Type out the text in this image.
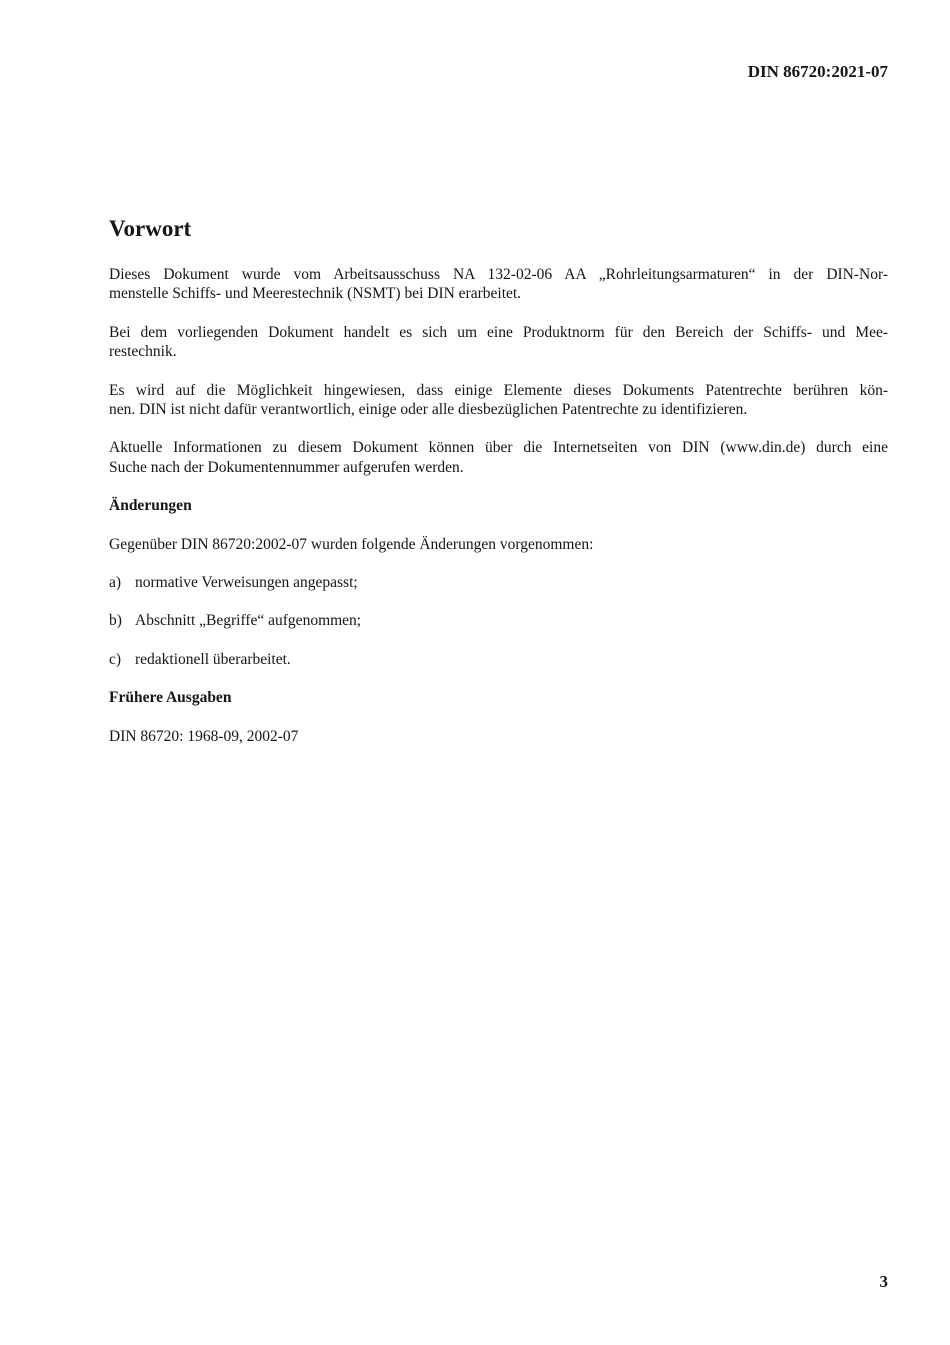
DIN 86720:2021-07
Vorwort

Dieses Dokument wurde vom Arbeitsausschuss NA 132-02-06 AA „Rohrleitungsarmaturen“ in der DIN-Nor-
menstelle Schiffs- und Meerestechnik (NSMT) bei DIN erarbeitet.

Bei dem vorliegenden Dokument handelt es sich um eine Produktnorm für den Bereich der Schiffs- und Mee-
restechnik.

Es wird auf die Möglichkeit hingewiesen, dass einige Elemente dieses Dokuments Patentrechte berühren kön-
nen. DIN ist nicht dafür verantwortlich, einige oder alle diesbezüglichen Patentrechte zu identifizieren.

Aktuelle Informationen zu diesem Dokument können über die Internetseiten von DIN (www.din.de) durch eine
Suche nach der Dokumentennummer aufgerufen werden.

Änderungen

Gegenüber DIN 86720:2002-07 wurden folgende Änderungen vorgenommen:

a) normative Verweisungen angepasst;
b) Abschnitt „Begriffe“ aufgenommen;
c) redaktionell überarbeitet.

Frühere Ausgaben

DIN 86720: 1968-09, 2002-07

3
